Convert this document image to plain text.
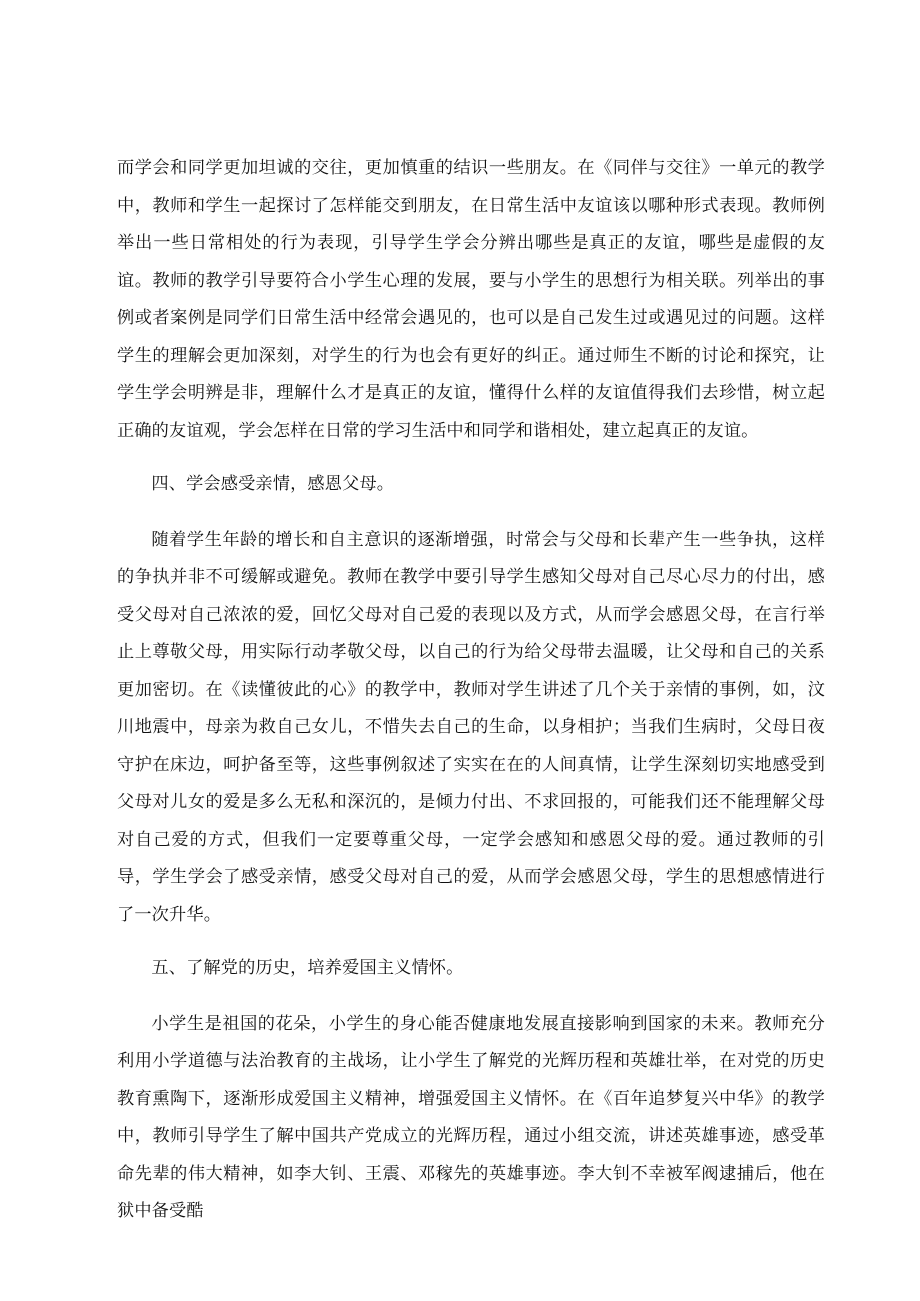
而学会和同学更加坦诚的交往，更加慎重的结识一些朋友。在《同伴与交往》一单元的教学中，教师和学生一起探讨了怎样能交到朋友，在日常生活中友谊该以哪种形式表现。教师例举出一些日常相处的行为表现，引导学生学会分辨出哪些是真正的友谊，哪些是虚假的友谊。教师的教学引导要符合小学生心理的发展，要与小学生的思想行为相关联。列举出的事例或者案例是同学们日常生活中经常会遇见的，也可以是自己发生过或遇见过的问题。这样学生的理解会更加深刻，对学生的行为也会有更好的纠正。通过师生不断的讨论和探究，让学生学会明辨是非，理解什么才是真正的友谊，懂得什么样的友谊值得我们去珍惜，树立起正确的友谊观，学会怎样在日常的学习生活中和同学和谐相处，建立起真正的友谊。

四、学会感受亲情，感恩父母。

随着学生年龄的增长和自主意识的逐渐增强，时常会与父母和长辈产生一些争执，这样的争执并非不可缓解或避免。教师在教学中要引导学生感知父母对自己尽心尽力的付出，感受父母对自己浓浓的爱，回忆父母对自己爱的表现以及方式，从而学会感恩父母，在言行举止上尊敬父母，用实际行动孝敬父母，以自己的行为给父母带去温暖，让父母和自己的关系更加密切。在《读懂彼此的心》的教学中，教师对学生讲述了几个关于亲情的事例，如，汶川地震中，母亲为救自己女儿，不惜失去自己的生命，以身相护；当我们生病时，父母日夜守护在床边，呵护备至等，这些事例叙述了实实在在的人间真情，让学生深刻切实地感受到父母对儿女的爱是多么无私和深沉的，是倾力付出、不求回报的，可能我们还不能理解父母对自己爱的方式，但我们一定要尊重父母，一定学会感知和感恩父母的爱。通过教师的引导，学生学会了感受亲情，感受父母对自己的爱，从而学会感恩父母，学生的思想感情进行了一次升华。

五、了解党的历史，培养爱国主义情怀。

小学生是祖国的花朵，小学生的身心能否健康地发展直接影响到国家的未来。教师充分利用小学道德与法治教育的主战场，让小学生了解党的光辉历程和英雄壮举，在对党的历史教育熏陶下，逐渐形成爱国主义精神，增强爱国主义情怀。在《百年追梦复兴中华》的教学中，教师引导学生了解中国共产党成立的光辉历程，通过小组交流，讲述英雄事迹，感受革命先辈的伟大精神，如李大钊、王震、邓稼先的英雄事迹。李大钊不幸被军阀逮捕后，他在狱中备受酷
